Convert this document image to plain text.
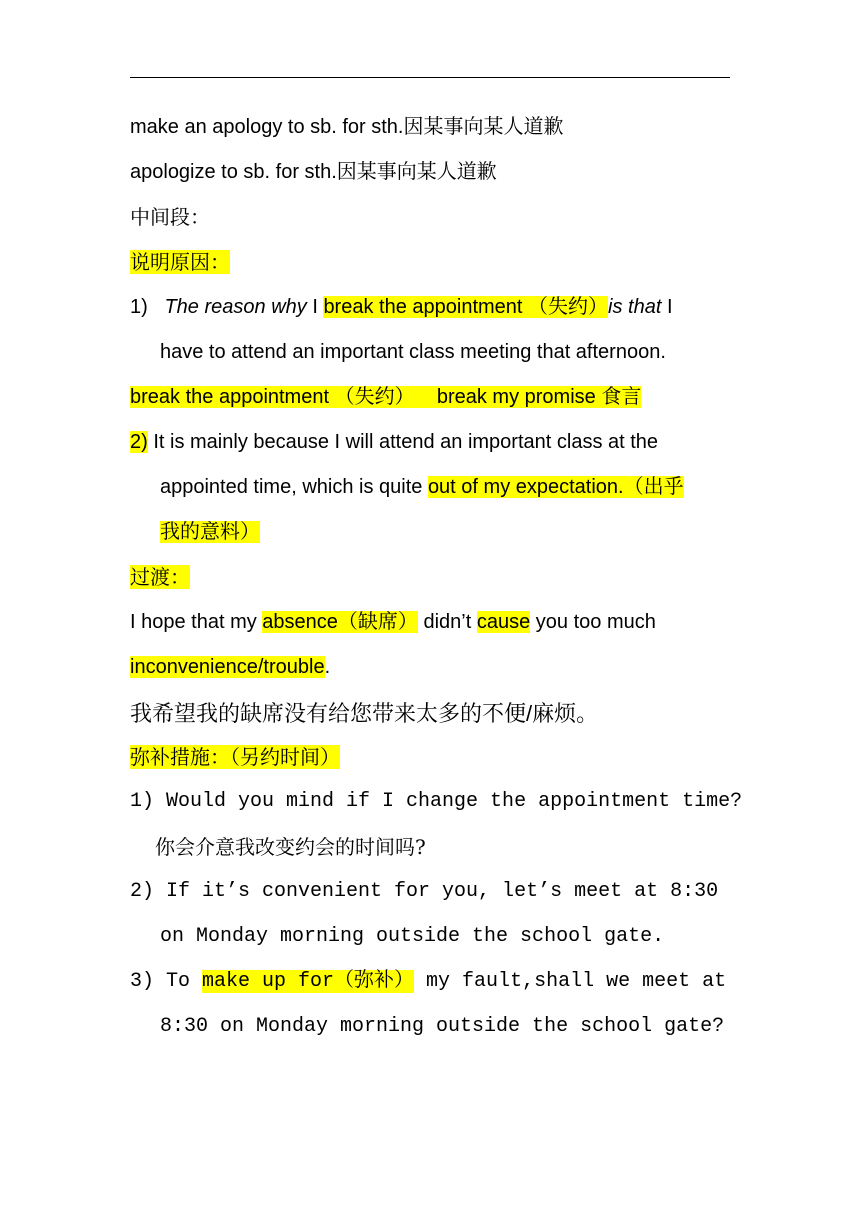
make an apology to sb. for sth.因某事向某人道歉
apologize to sb. for sth.因某事向某人道歉
中间段：
说明原因：
1) The reason why I break the appointment （失约）is that I
have to attend an important class meeting that afternoon.
break the appointment （失约）    break my promise 食言
2) It is mainly because I will attend an important class at the
appointed time, which is quite out of my expectation.（出乎
我的意料）
过渡：
I hope that my absence（缺席） didn’t cause you too much
inconvenience/trouble.
我希望我的缺席没有给您带来太多的不便/麻烦。
弥补措施：（另约时间）
1) Would you mind if I change the appointment time?
你会介意我改变约会的时间吗?
2) If it’s convenient for you, let’s meet at 8:30
on Monday morning outside the school gate.
3) To make up for（弥补） my fault,shall we meet at
8:30 on Monday morning outside the school gate?
